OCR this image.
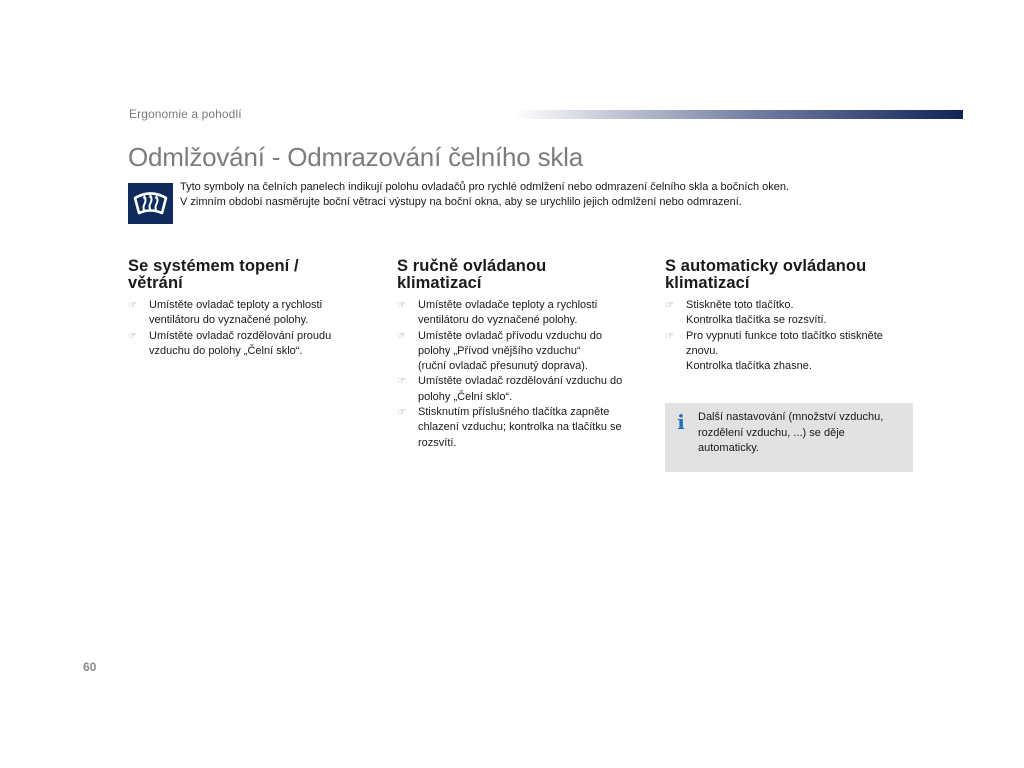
Ergonomie a pohodlí
Odmlžování - Odmrazování čelního skla

Tyto symboly na čelních panelech indikují polohu ovladačů pro rychlé odmlžení nebo odmrazení čelního skla a bočních oken.

V zimním období nasměrujte boční větrací výstupy na boční okna, aby se urychlilo jejich odmlžení nebo odmrazení.

Se systémem topení /
větrání
☞ Umístěte ovladač teploty a rychlosti
ventilátoru do vyznačené polohy.
☞ Umístěte ovladač rozdělování proudu
vzduchu do polohy „Čelní sklo“.
S ručně ovládanou
klimatizací
☞ Umístěte ovladače teploty a rychlosti
ventilátoru do vyznačené polohy.
☞ Umístěte ovladač přívodu vzduchu do
polohy „Přívod vnějšího vzduchu“
(ruční ovladač přesunutý doprava).
☞ Umístěte ovladač rozdělování vzduchu do
polohy „Čelní sklo“.
☞ Stisknutím příslušného tlačítka zapněte
chlazení vzduchu; kontrolka na tlačítku se
rozsvítí.
S automaticky ovládanou
klimatizací
☞ Stiskněte toto tlačítko.
Kontrolka tlačítka se rozsvítí.
☞ Pro vypnutí funkce toto tlačítko stiskněte
znovu.
Kontrolka tlačítka zhasne.
i Další nastavování (množství vzduchu,
rozdělení vzduchu, ...) se děje
automaticky.
60
